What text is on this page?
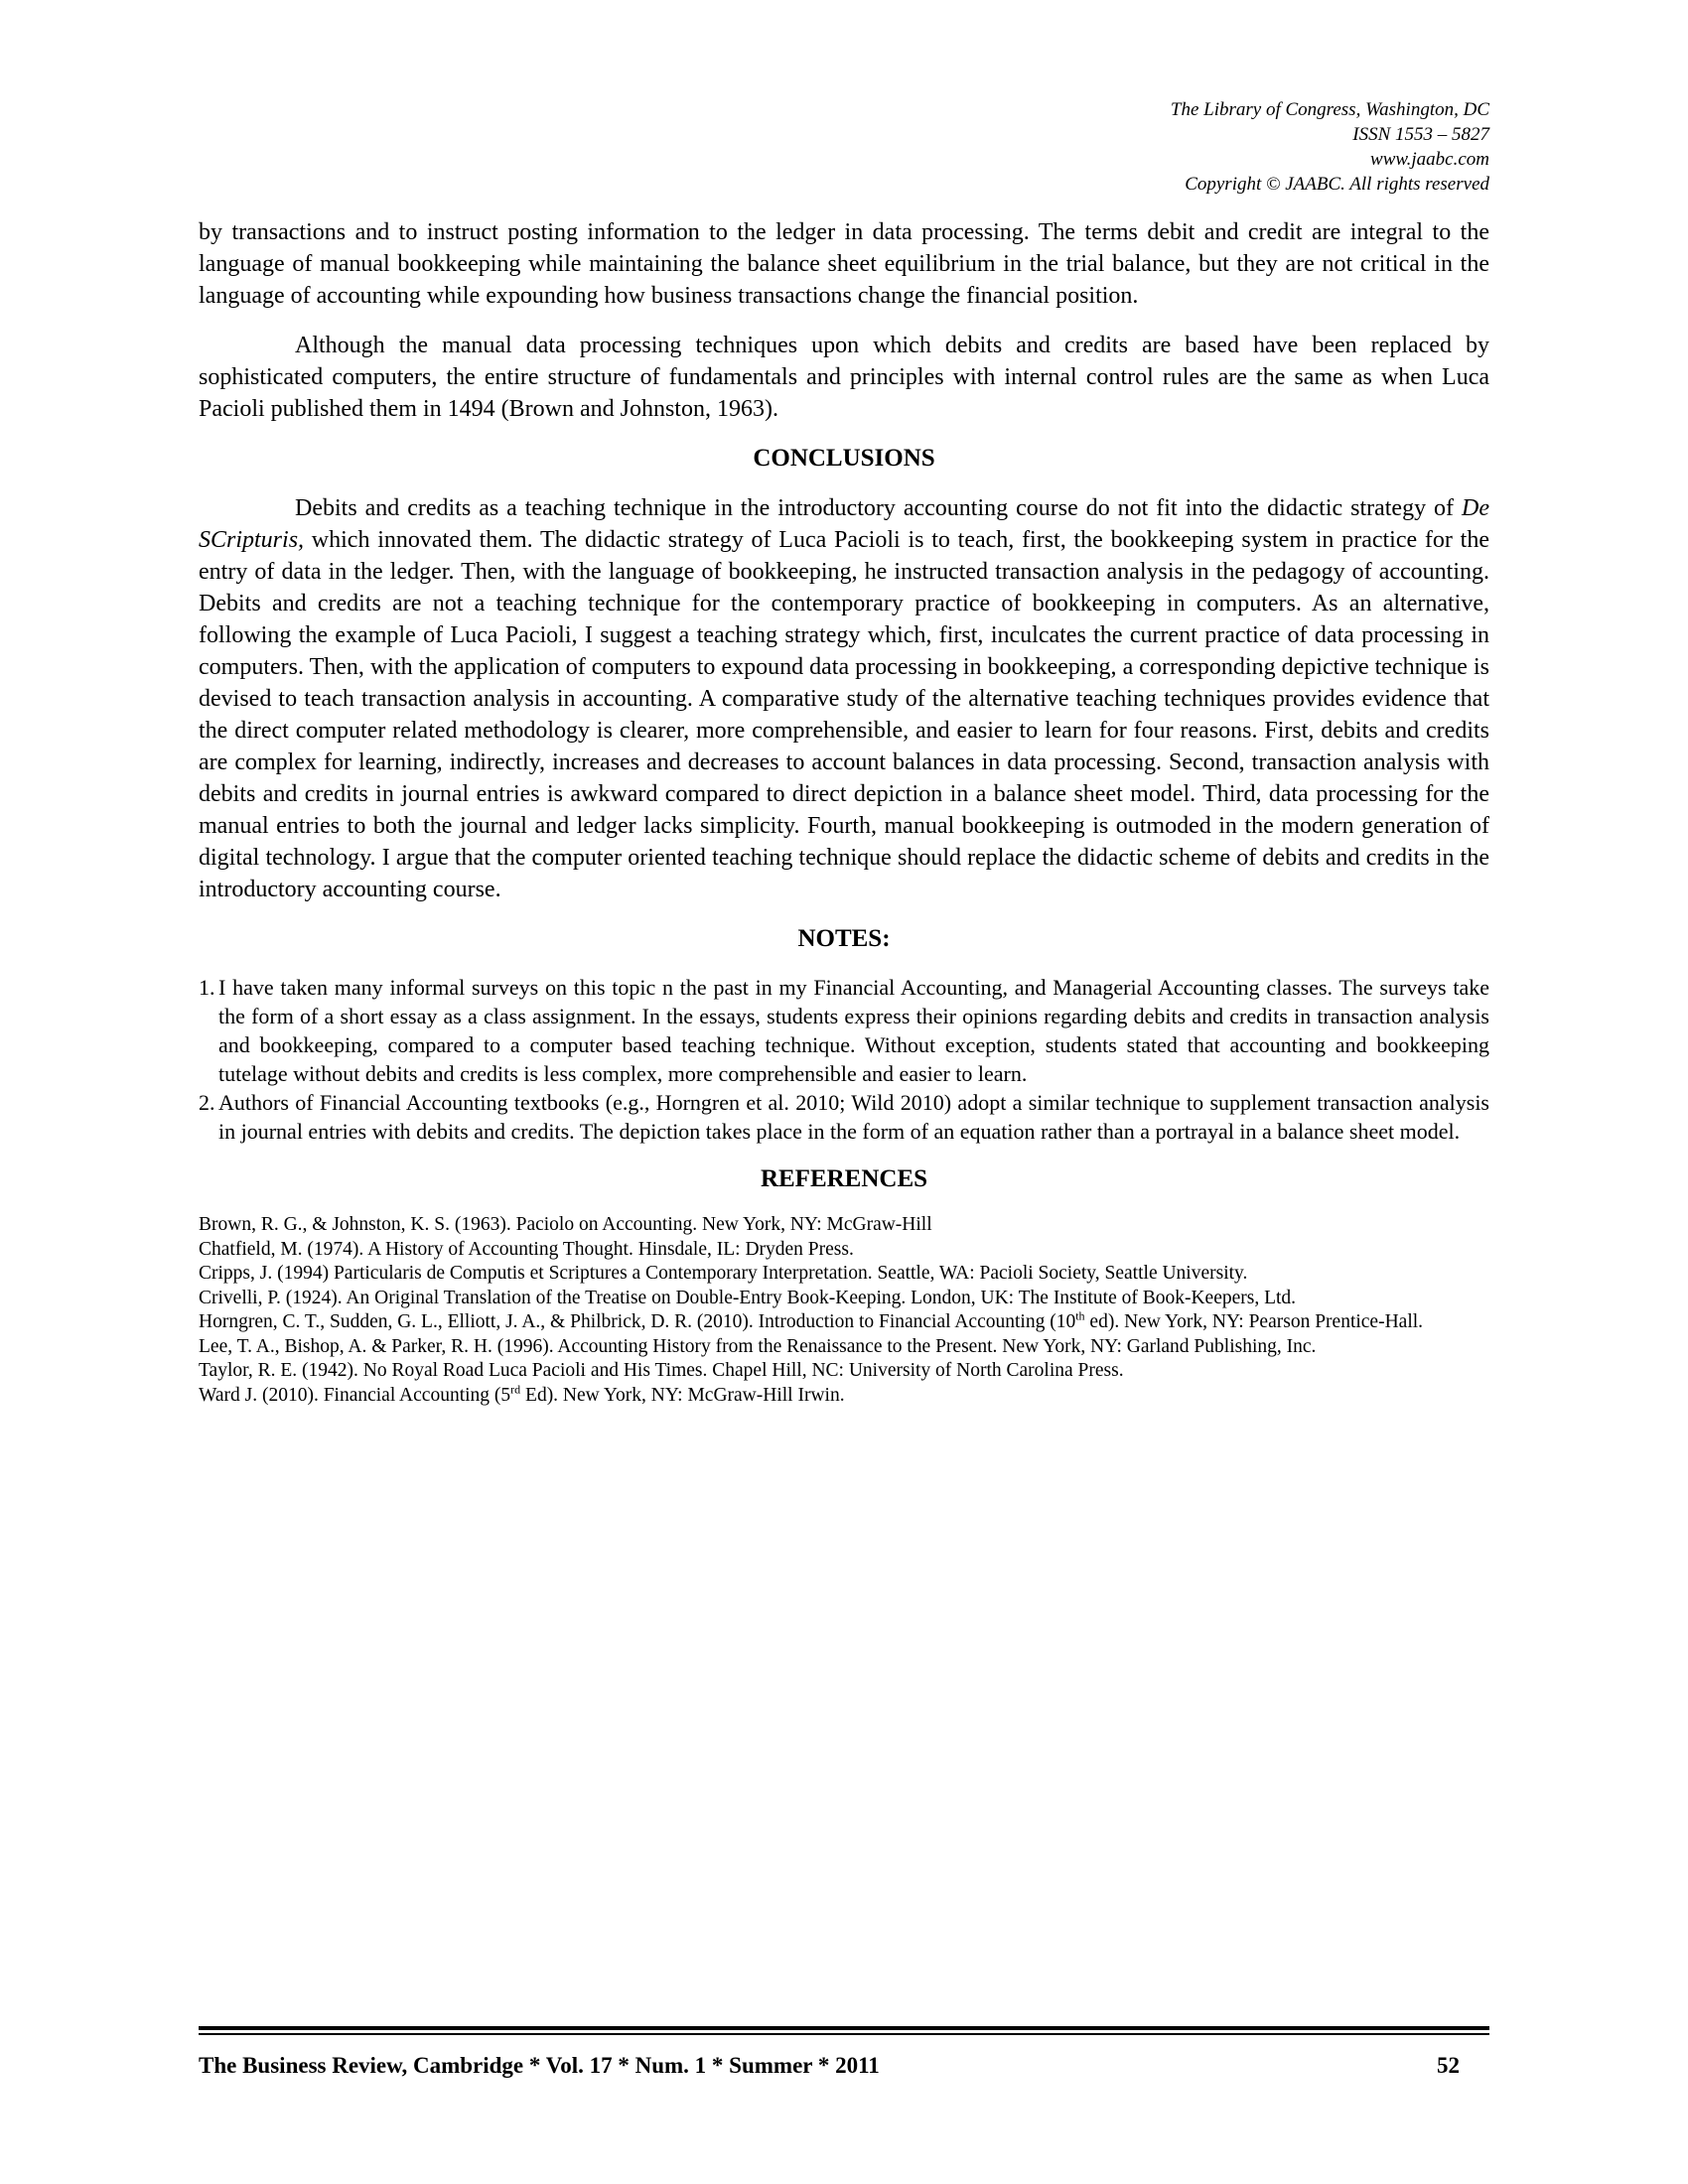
The Library of Congress, Washington, DC
ISSN 1553 – 5827
www.jaabc.com
Copyright © JAABC. All rights reserved

by transactions and to instruct posting information to the ledger in data processing. The terms debit and credit are integral to the language of manual bookkeeping while maintaining the balance sheet equilibrium in the trial balance, but they are not critical in the language of accounting while expounding how business transactions change the financial position.

Although the manual data processing techniques upon which debits and credits are based have been replaced by sophisticated computers, the entire structure of fundamentals and principles with internal control rules are the same as when Luca Pacioli published them in 1494 (Brown and Johnston, 1963).

CONCLUSIONS

Debits and credits as a teaching technique in the introductory accounting course do not fit into the didactic strategy of De SCripturis, which innovated them. The didactic strategy of Luca Pacioli is to teach, first, the bookkeeping system in practice for the entry of data in the ledger. Then, with the language of bookkeeping, he instructed transaction analysis in the pedagogy of accounting. Debits and credits are not a teaching technique for the contemporary practice of bookkeeping in computers. As an alternative, following the example of Luca Pacioli, I suggest a teaching strategy which, first, inculcates the current practice of data processing in computers. Then, with the application of computers to expound data processing in bookkeeping, a corresponding depictive technique is devised to teach transaction analysis in accounting. A comparative study of the alternative teaching techniques provides evidence that the direct computer related methodology is clearer, more comprehensible, and easier to learn for four reasons. First, debits and credits are complex for learning, indirectly, increases and decreases to account balances in data processing. Second, transaction analysis with debits and credits in journal entries is awkward compared to direct depiction in a balance sheet model. Third, data processing for the manual entries to both the journal and ledger lacks simplicity. Fourth, manual bookkeeping is outmoded in the modern generation of digital technology. I argue that the computer oriented teaching technique should replace the didactic scheme of debits and credits in the introductory accounting course.

NOTES:
1. I have taken many informal surveys on this topic n the past in my Financial Accounting, and Managerial Accounting classes. The surveys take the form of a short essay as a class assignment. In the essays, students express their opinions regarding debits and credits in transaction analysis and bookkeeping, compared to a computer based teaching technique. Without exception, students stated that accounting and bookkeeping tutelage without debits and credits is less complex, more comprehensible and easier to learn.
2. Authors of Financial Accounting textbooks (e.g., Horngren et al. 2010; Wild 2010) adopt a similar technique to supplement transaction analysis in journal entries with debits and credits. The depiction takes place in the form of an equation rather than a portrayal in a balance sheet model.
REFERENCES

Brown, R. G., & Johnston, K. S. (1963). Paciolo on Accounting. New York, NY: McGraw-Hill

Chatfield, M. (1974). A History of Accounting Thought. Hinsdale, IL: Dryden Press.

Cripps, J. (1994) Particularis de Computis et Scriptures a Contemporary Interpretation. Seattle, WA: Pacioli Society, Seattle University.

Crivelli, P. (1924). An Original Translation of the Treatise on Double-Entry Book-Keeping. London, UK: The Institute of Book-Keepers, Ltd.

Horngren, C. T., Sudden, G. L., Elliott, J. A., & Philbrick, D. R. (2010). Introduction to Financial Accounting (10th ed). New York, NY: Pearson Prentice-Hall.

Lee, T. A., Bishop, A. & Parker, R. H. (1996). Accounting History from the Renaissance to the Present. New York, NY: Garland Publishing, Inc.

Taylor, R. E. (1942). No Royal Road Luca Pacioli and His Times. Chapel Hill, NC: University of North Carolina Press.

Ward J. (2010). Financial Accounting (5rd Ed). New York, NY: McGraw-Hill Irwin.

The Business Review, Cambridge * Vol. 17 * Num. 1 * Summer * 2011	52
